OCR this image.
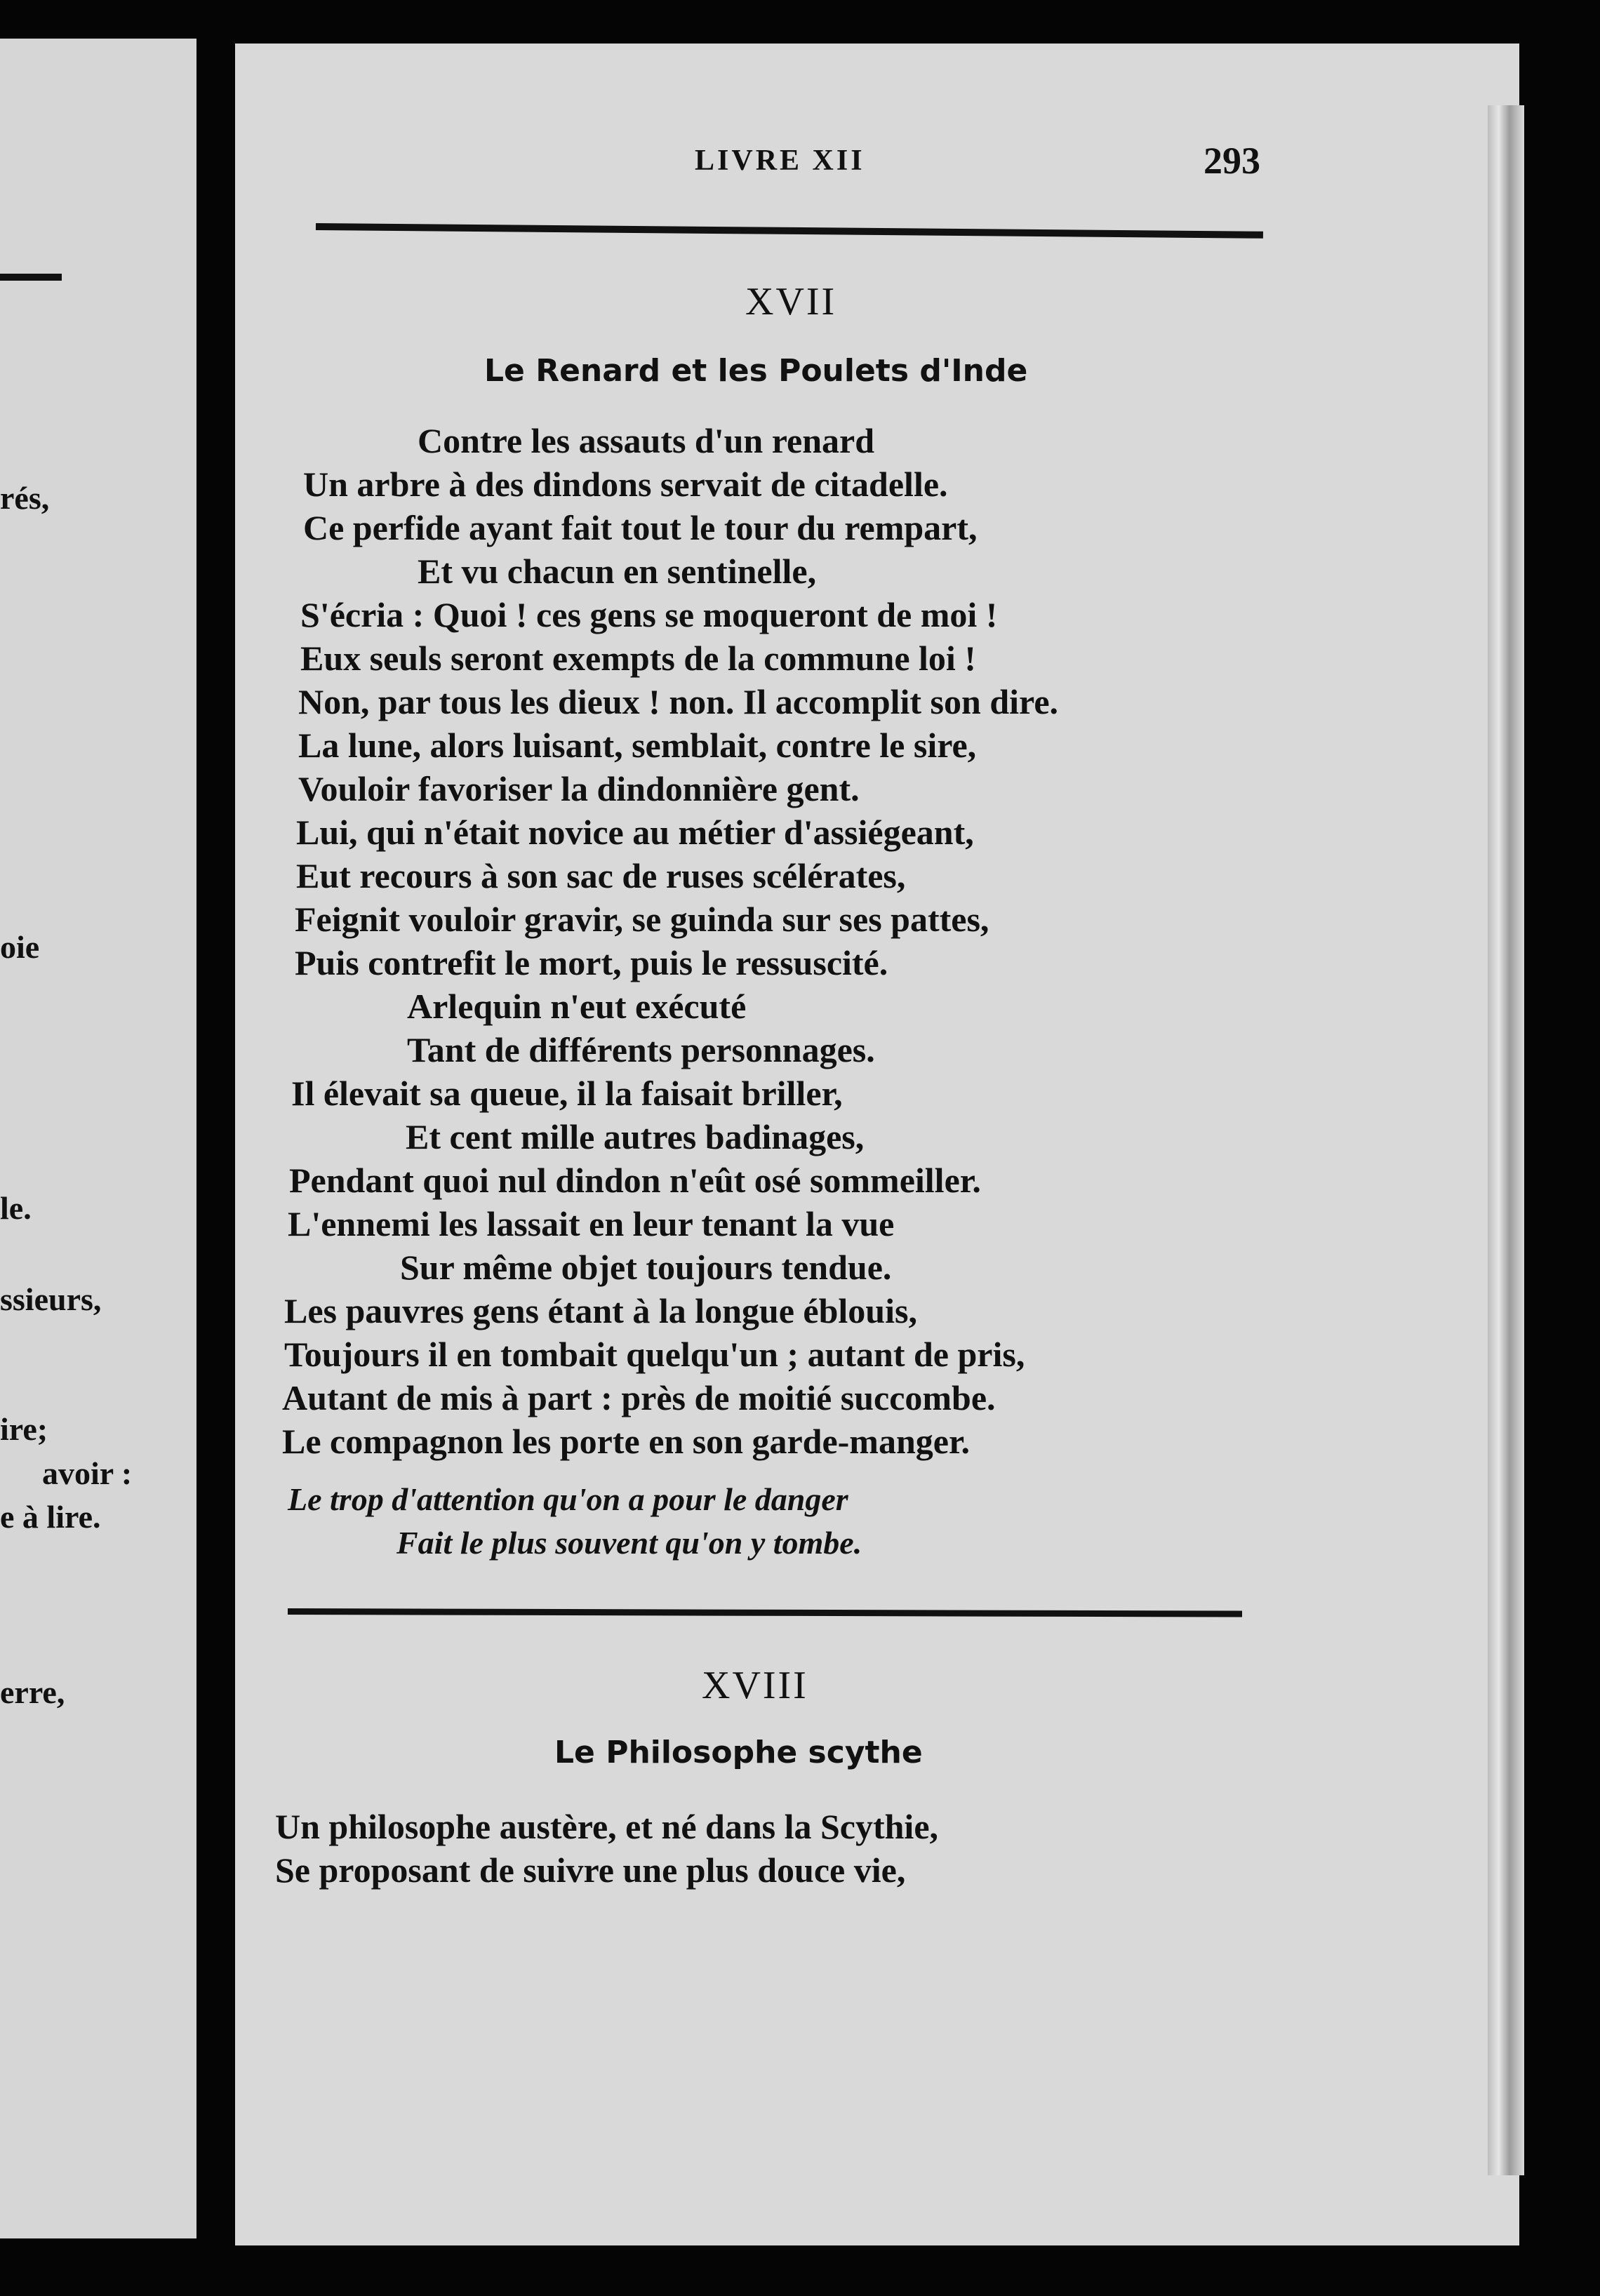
rés,
oie
le.
ssieurs,
ire;
avoir :
e à lire.
erre,
LIVRE XII	293
XVII
Le Renard et les Poulets d'Inde
Contre les assauts d'un renard
Un arbre à des dindons servait de citadelle.
Ce perfide ayant fait tout le tour du rempart,
Et vu chacun en sentinelle,
S'écria : Quoi ! ces gens se moqueront de moi !
Eux seuls seront exempts de la commune loi !
Non, par tous les dieux ! non. Il accomplit son dire.
La lune, alors luisant, semblait, contre le sire,
Vouloir favoriser la dindonnière gent.
Lui, qui n'était novice au métier d'assiégeant,
Eut recours à son sac de ruses scélérates,
Feignit vouloir gravir, se guinda sur ses pattes,
Puis contrefit le mort, puis le ressuscité.
Arlequin n'eut exécuté
Tant de différents personnages.
Il élevait sa queue, il la faisait briller,
Et cent mille autres badinages,
Pendant quoi nul dindon n'eût osé sommeiller.
L'ennemi les lassait en leur tenant la vue
Sur même objet toujours tendue.
Les pauvres gens étant à la longue éblouis,
Toujours il en tombait quelqu'un ; autant de pris,
Autant de mis à part : près de moitié succombe.
Le compagnon les porte en son garde-manger.
Le trop d'attention qu'on a pour le danger
Fait le plus souvent qu'on y tombe.
XVIII
Le Philosophe scythe
Un philosophe austère, et né dans la Scythie,
Se proposant de suivre une plus douce vie,
